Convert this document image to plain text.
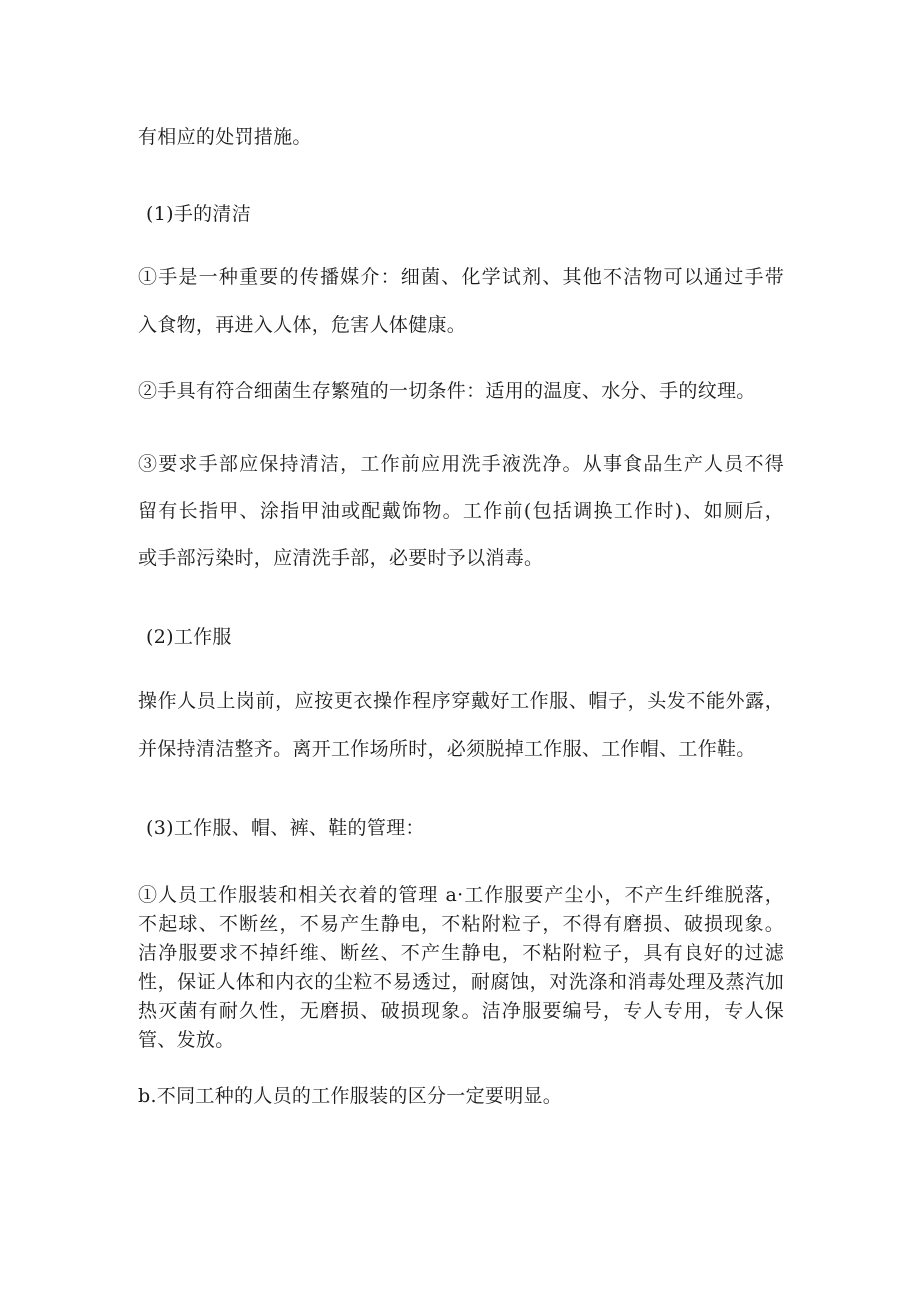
有相应的处罚措施。
(1)手的清洁
①手是一种重要的传播媒介：细菌、化学试剂、其他不洁物可以通过手带
入食物，再进入人体，危害人体健康。
②手具有符合细菌生存繁殖的一切条件：适用的温度、水分、手的纹理。
③要求手部应保持清洁，工作前应用洗手液洗净。从事食品生产人员不得
留有长指甲、涂指甲油或配戴饰物。工作前(包括调换工作时)、如厕后，
或手部污染时，应清洗手部，必要时予以消毒。
(2)工作服
操作人员上岗前，应按更衣操作程序穿戴好工作服、帽子，头发不能外露，
并保持清洁整齐。离开工作场所时，必须脱掉工作服、工作帽、工作鞋。
(3)工作服、帽、裤、鞋的管理：
①人员工作服装和相关衣着的管理 a·工作服要产尘小，不产生纤维脱落，
不起球、不断丝，不易产生静电，不粘附粒子，不得有磨损、破损现象。
洁净服要求不掉纤维、断丝、不产生静电，不粘附粒子，具有良好的过滤
性，保证人体和内衣的尘粒不易透过，耐腐蚀，对洗涤和消毒处理及蒸汽加
热灭菌有耐久性，无磨损、破损现象。洁净服要编号，专人专用，专人保
管、发放。
b.不同工种的人员的工作服装的区分一定要明显。
